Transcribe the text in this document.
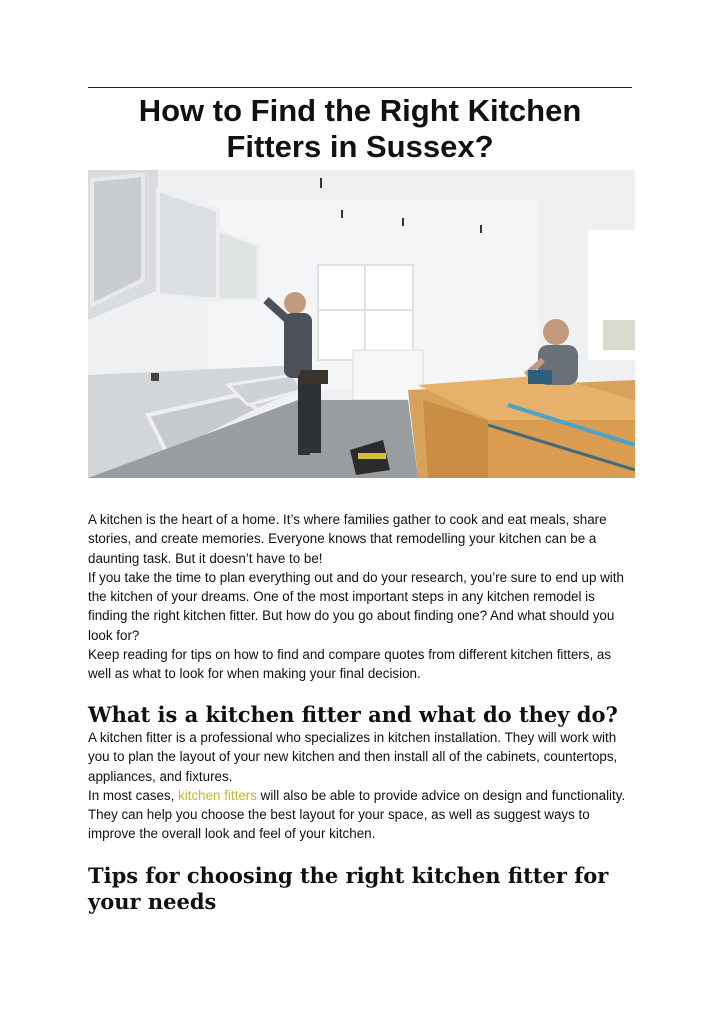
How to Find the Right Kitchen Fitters in Sussex?

A kitchen is the heart of a home. It’s where families gather to cook and eat meals, share stories, and create memories. Everyone knows that remodelling your kitchen can be a daunting task. But it doesn’t have to be!

If you take the time to plan everything out and do your research, you’re sure to end up with the kitchen of your dreams. One of the most important steps in any kitchen remodel is finding the right kitchen fitter. But how do you go about finding one? And what should you look for?

Keep reading for tips on how to find and compare quotes from different kitchen fitters, as well as what to look for when making your final decision.

What is a kitchen fitter and what do they do?

A kitchen fitter is a professional who specializes in kitchen installation. They will work with you to plan the layout of your new kitchen and then install all of the cabinets, countertops, appliances, and fixtures.

In most cases, kitchen fitters will also be able to provide advice on design and functionality. They can help you choose the best layout for your space, as well as suggest ways to improve the overall look and feel of your kitchen.

Tips for choosing the right kitchen fitter for your needs
